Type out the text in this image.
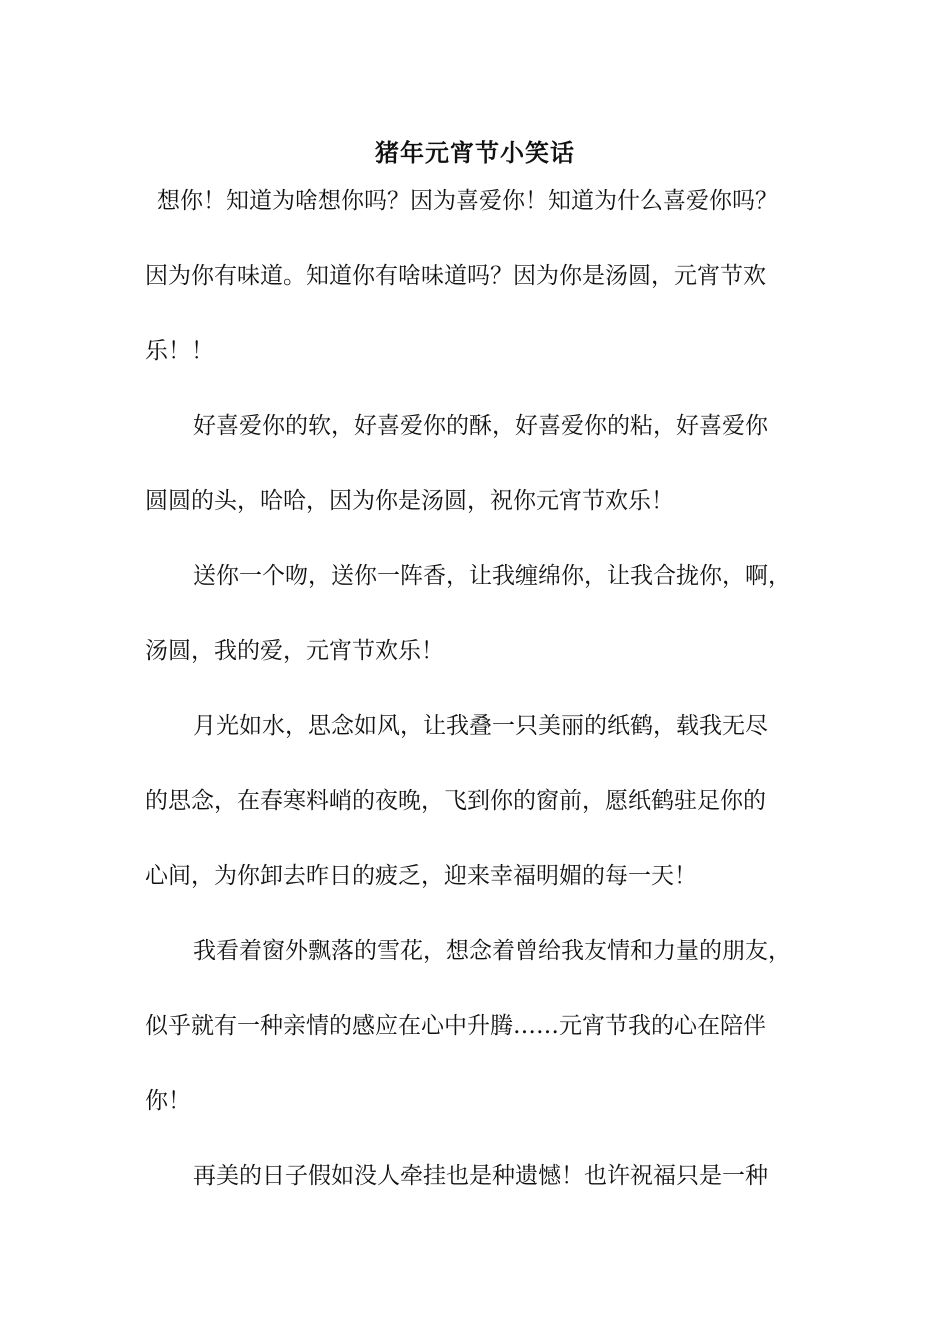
猪年元宵节小笑话
想你！知道为啥想你吗？因为喜爱你！知道为什么喜爱你吗？
因为你有味道。知道你有啥味道吗？因为你是汤圆，元宵节欢
乐！！
好喜爱你的软，好喜爱你的酥，好喜爱你的粘，好喜爱你
圆圆的头，哈哈，因为你是汤圆，祝你元宵节欢乐！
送你一个吻，送你一阵香，让我缠绵你，让我合拢你，啊，
汤圆，我的爱，元宵节欢乐！
月光如水，思念如风，让我叠一只美丽的纸鹤，载我无尽
的思念，在春寒料峭的夜晚，飞到你的窗前，愿纸鹤驻足你的
心间，为你卸去昨日的疲乏，迎来幸福明媚的每一天！
我看着窗外飘落的雪花，想念着曾给我友情和力量的朋友，
似乎就有一种亲情的感应在心中升腾……元宵节我的心在陪伴
你！
再美的日子假如没人牵挂也是种遗憾！也许祝福只是一种
